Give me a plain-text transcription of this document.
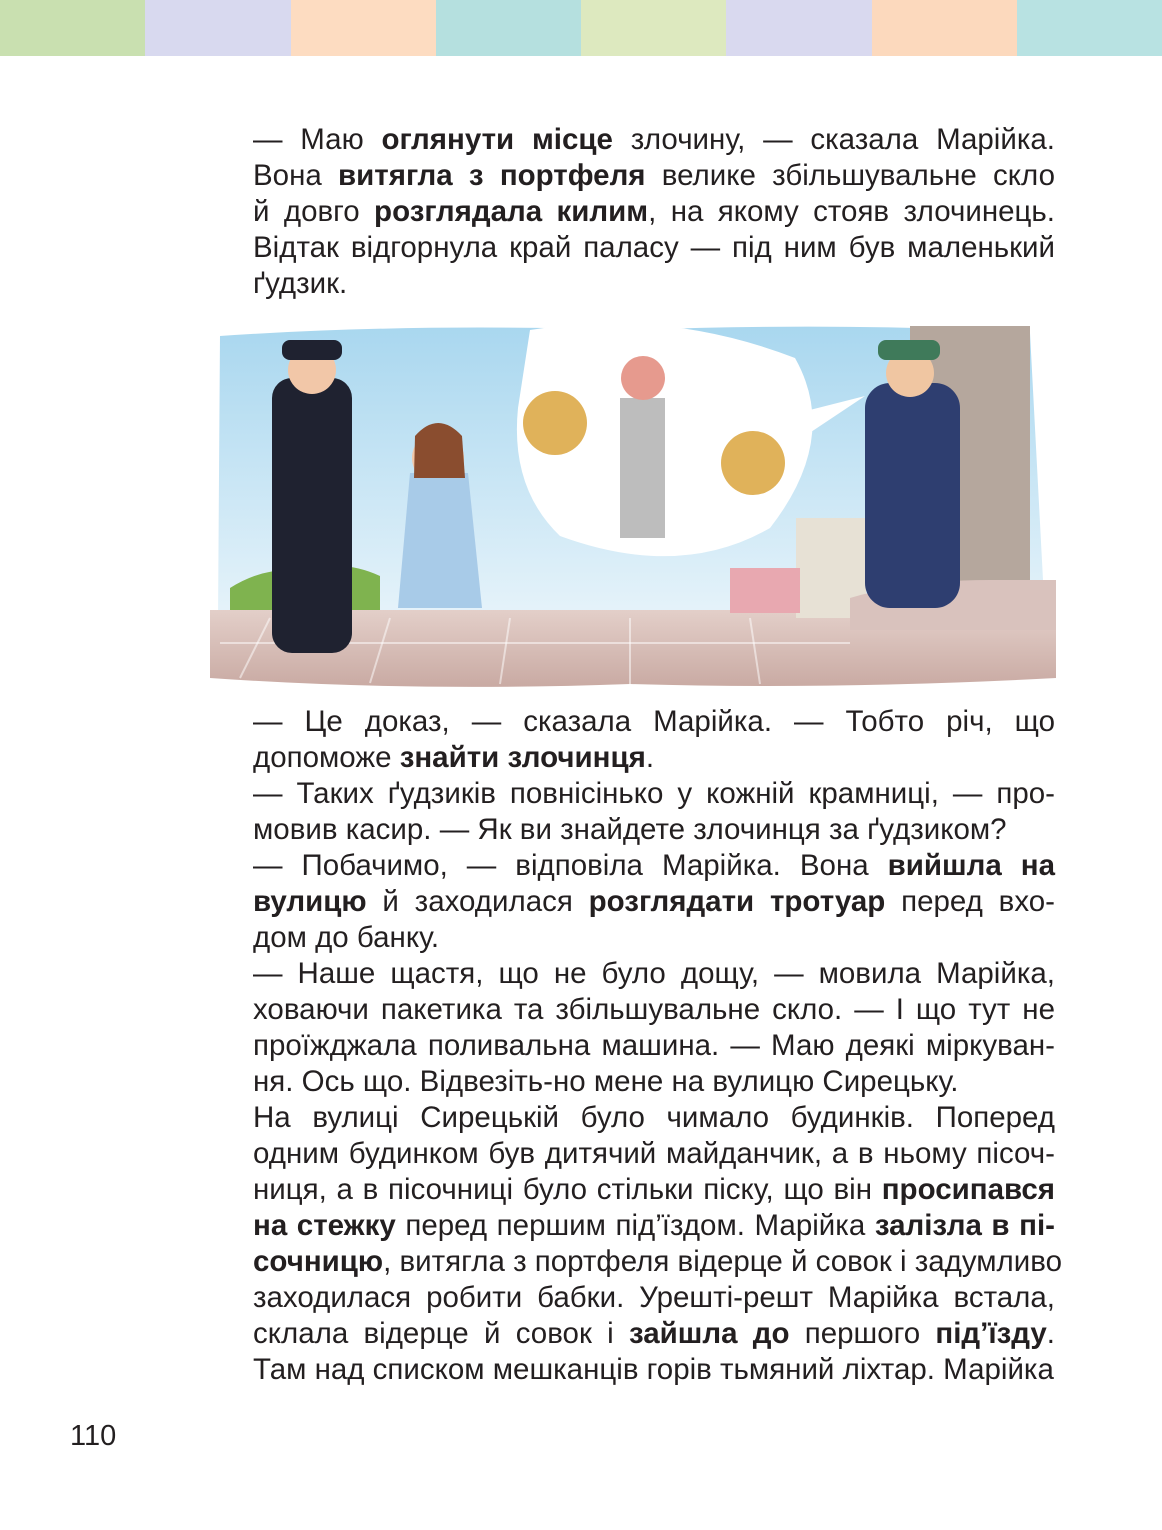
— Маю оглянути місце злочину, — сказала Марійка.
Вона витягла з портфеля велике збільшувальне скло
й довго розглядала килим, на якому стояв злочинець.
Відтак відгорнула край паласу — під ним був маленький
ґудзик.

— Це доказ, — сказала Марійка. — Тобто річ, що
допоможе знайти злочинця.

— Таких ґудзиків повнісінько у кожній крамниці, — про-
мовив касир. — Як ви знайдете злочинця за ґудзиком?

— Побачимо, — відповіла Марійка. Вона вийшла на
вулицю й заходилася розглядати тротуар перед вхо-
дом до банку.

— Наше щастя, що не було дощу, — мовила Марійка,
ховаючи пакетика та збільшувальне скло. — І що тут не
проїжджала поливальна машина. — Маю деякі міркуван-
ня. Ось що. Відвезіть-но мене на вулицю Сирецьку.

На вулиці Сирецькій було чимало будинків. Поперед
одним будинком був дитячий майданчик, а в ньому пісоч-
ниця, а в пісочниці було стільки піску, що він просипався
на стежку перед першим під’їздом. Марійка залізла в пі-
сочницю, витягла з портфеля відерце й совок і задумливо
заходилася робити бабки. Урешті-решт Марійка встала,
склала відерце й совок і зайшла до першого під’їзду.
Там над списком мешканців горів тьмяний ліхтар. Марійка

110
